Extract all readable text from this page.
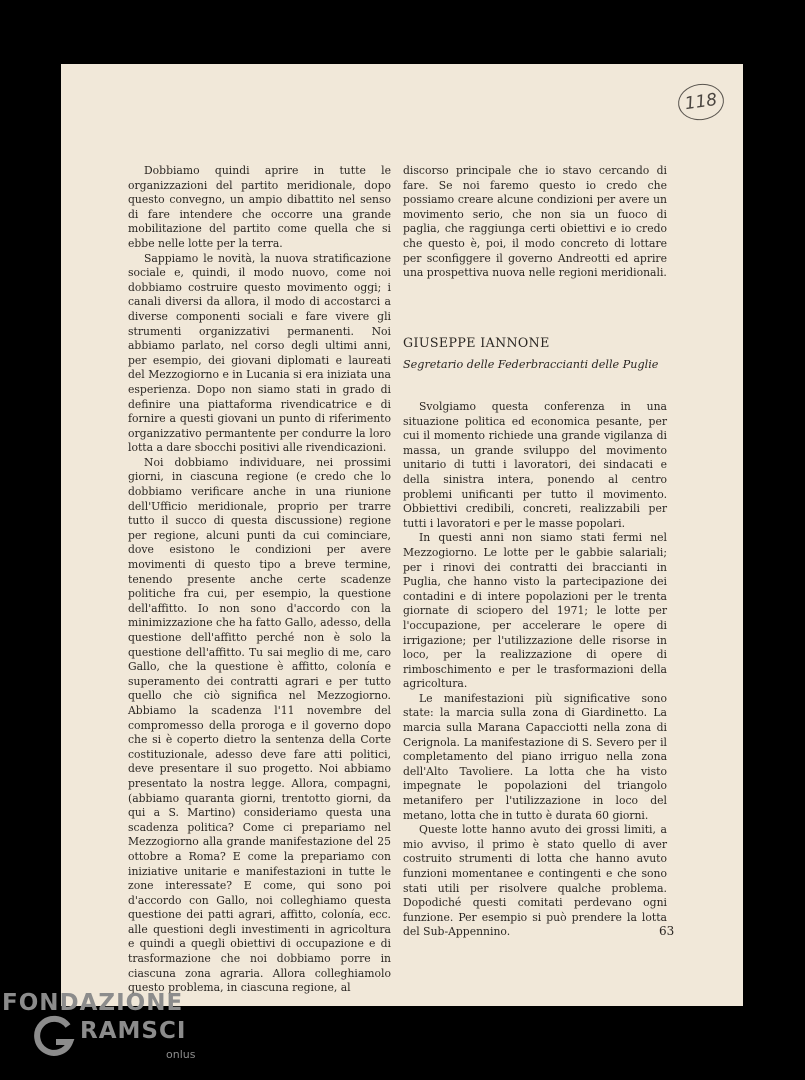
118

Dobbiamo quindi aprire in tutte le organizzazioni del partito meridionale, dopo questo convegno, un ampio dibattito nel senso di fare intendere che occorre una grande mobilitazione del partito come quella che si ebbe nelle lotte per la terra.

Sappiamo le novità, la nuova stratificazione sociale e, quindi, il modo nuovo, come noi dobbiamo costruire questo movimento oggi; i canali diversi da allora, il modo di accostarci a diverse componenti sociali e fare vivere gli strumenti organizzativi permanenti. Noi abbiamo parlato, nel corso degli ultimi anni, per esempio, dei giovani diplomati e laureati del Mezzogiorno e in Lucania si era iniziata una esperienza. Dopo non siamo stati in grado di definire una piattaforma rivendicatrice e di fornire a questi giovani un punto di riferimento organizzativo permantente per condurre la loro lotta a dare sbocchi positivi alle rivendicazioni.

Noi dobbiamo individuare, nei prossimi giorni, in ciascuna regione (e credo che lo dobbiamo verificare anche in una riunione dell'Ufficio meridionale, proprio per trarre tutto il succo di questa discussione) regione per regione, alcuni punti da cui cominciare, dove esistono le condizioni per avere movimenti di questo tipo a breve termine, tenendo presente anche certe scadenze politiche fra cui, per esempio, la questione dell'affitto. Io non sono d'accordo con la minimizzazione che ha fatto Gallo, adesso, della questione dell'affitto perché non è solo la questione dell'affitto. Tu sai meglio di me, caro Gallo, che la questione è affitto, colonía e superamento dei contratti agrari e per tutto quello che ciò significa nel Mezzogiorno. Abbiamo la scadenza l'11 novembre del compromesso della proroga e il governo dopo che si è coperto dietro la sentenza della Corte costituzionale, adesso deve fare atti politici, deve presentare il suo progetto. Noi abbiamo presentato la nostra legge. Allora, compagni, (abbiamo quaranta giorni, trentotto giorni, da qui a S. Martino) consideriamo questa una scadenza politica? Come ci prepariamo nel Mezzogiorno alla grande manifestazione del 25 ottobre a Roma? E come la prepariamo con iniziative unitarie e manifestazioni in tutte le zone interessate? E come, qui sono poi d'accordo con Gallo, noi colleghiamo questa questione dei patti agrari, affitto, colonía, ecc. alle questioni degli investimenti in agricoltura e quindi a quegli obiettivi di occupazione e di trasformazione che noi dobbiamo porre in ciascuna zona agraria. Allora colleghiamolo questo problema, in ciascuna regione, al

discorso principale che io stavo cercando di fare. Se noi faremo questo io credo che possiamo creare alcune condizioni per avere un movimento serio, che non sia un fuoco di paglia, che raggiunga certi obiettivi e io credo che questo è, poi, il modo concreto di lottare per sconfiggere il governo Andreotti ed aprire una prospettiva nuova nelle regioni meridionali.

GIUSEPPE IANNONE
Segretario delle Federbraccianti delle Puglie

Svolgiamo questa conferenza in una situazione politica ed economica pesante, per cui il momento richiede una grande vigilanza di massa, un grande sviluppo del movimento unitario di tutti i lavoratori, dei sindacati e della sinistra intera, ponendo al centro problemi unificanti per tutto il movimento. Obbiettivi credibili, concreti, realizzabili per tutti i lavoratori e per le masse popolari.

In questi anni non siamo stati fermi nel Mezzogiorno. Le lotte per le gabbie salariali; per i rinovi dei contratti dei braccianti in Puglia, che hanno visto la partecipazione dei contadini e di intere popolazioni per le trenta giornate di sciopero del 1971; le lotte per l'occupazione, per accelerare le opere di irrigazione; per l'utilizzazione delle risorse in loco, per la realizzazione di opere di rimboschimento e per le trasformazioni della agricoltura.

Le manifestazioni più significative sono state: la marcia sulla zona di Giardinetto. La marcia sulla Marana Capacciotti nella zona di Cerignola. La manifestazione di S. Severo per il completamento del piano irriguo nella zona dell'Alto Tavoliere. La lotta che ha visto impegnate le popolazioni del triangolo metanifero per l'utilizzazione in loco del metano, lotta che in tutto è durata 60 giorni.

Queste lotte hanno avuto dei grossi limiti, a mio avviso, il primo è stato quello di aver costruito strumenti di lotta che hanno avuto funzioni momentanee e contingenti e che sono stati utili per risolvere qualche problema. Dopodiché questi comitati perdevano ogni funzione. Per esempio si può prendere la lotta del Sub-Appennino.	63
FONDAZIONE
RAMSCI
onlus
